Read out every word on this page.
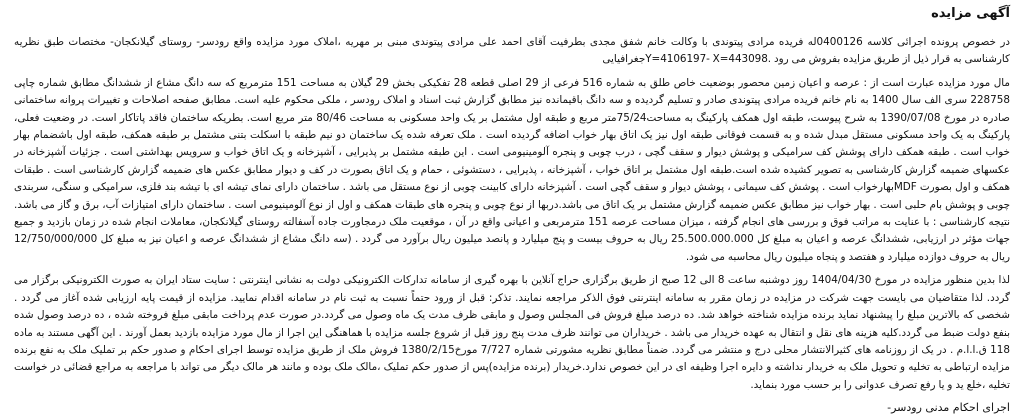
آگهی مزایده

در خصوص پرونده اجرائی کلاسه 0400126له فریده مرادی پیتوندی با وکالت خانم شفق مجدی بطرفیت آقای احمد علی مرادی پیتوندی مبنی بر مهریه ،املاک مورد مزایده واقع رودسر- روستای گیلانکجان- مختصات طبق نظریه کارشناسی به قرار ذیل از طریق مزایده بفروش می رود .Y=4106197- X=443098جغرافیایی

مال مورد مزایده عبارت است از : عرصه و اعیان زمین محصور بوضعیت خاص طلق به شماره 516 فرعی از 29 اصلی قطعه 28 تفکیکی بخش 29 گیلان به مساحت 151 مترمربع که سه دانگ مشاع از ششدانگ مطابق شماره چاپی 228758 سری الف سال 1400 به نام خانم فریده مرادی پیتوندی صادر و تسلیم گردیده و سه دانگ باقیمانده نیز مطابق گزارش ثبت اسناد و املاک رودسر ، ملکی محکوم علیه است. مطابق صفحه اصلاحات و تغییرات پروانه ساختمانی صادره در مورخ 1390/07/08 به شرح پیوست، طبقه اول همکف پارکینگ به مساحت75/24متر مربع و طبقه اول مشتمل بر یک واحد مسکونی به مساحت 80/46 متر مربع است. بطریکه ساختمان فاقد پاتاکار است. در وضعیت فعلی، پارکینگ به یک واحد مسکونی مستقل مبدل شده و به قسمت فوقانی طبقه اول نیز یک اتاق بهار خواب اضافه گردیده است . ملک تعرفه شده یک ساختمان دو نیم طبقه با اسکلت بتنی مشتمل بر طبقه همکف، طبقه اول باشضمام بهار خواب است . طبقه همکف دارای پوشش کف سرامیکی و پوشش دیوار و سقف گچی ، درب چوبی و پنجره آلومینیومی است . این طبقه مشتمل بر پذیرایی ، آشپزخانه و یک اتاق خواب و سرویس بهداشتی است . جزئیات آشپزخانه در عکسهای ضمیمه گزارش کارشناسی به تصویر کشیده شده است.طبقه اول مشتمل بر اتاق خواب ، آشپزخانه ، پذیرایی ، دستشوئی ، حمام و یک اتاق بصورت در کف و دیوار مطابق عکس های ضمیمه گزارش کارشناسی است . طبقات همکف و اول بصورت MDFبهارخواب است . پوشش کف سیمانی ، پوشش دیوار و سقف گچی است . آشپزخانه دارای کابینت چوبی از نوع مستقل می باشد . ساختمان دارای نمای تیشه ای با تیشه بند فلزی، سرامیکی و سنگی، سربندی چوبی و پوشش بام حلبی است . بهار خواب نیز مطابق عکس ضمیمه گزارش مشتمل بر یک اتاق می باشد.دربها از نوع چوبی و پنجره های طبقات همکف و اول از نوع آلومینیومی است . ساختمان دارای امتیازات آب، برق و گاز می باشد. نتیجه کارشناسی : با عنایت به مراتب فوق و بررسی های انجام گرفته ، میزان مساحت عرصه 151 مترمربعی و اعیانی واقع در آن ، موقعیت ملک درمجاورت جاده آسفالته روستای گیلانکجان، معاملات انجام شده در زمان بازدید و جمیع جهات مؤثر در ارزیابی، ششدانگ عرصه و اعیان به مبلغ کل 25.500.000.000 ریال به حروف بیست و پنج میلیارد و پانصد میلیون ریال برآورد می گردد . (سه دانگ مشاع از ششدانگ عرصه و اعیان نیز به مبلغ کل 12/750/000/000 ریال به حروف دوازده میلیارد و هفتصد و پنجاه میلیون ریال محاسبه می شود.

لذا بدین منظور مزایده در مورخ 1404/04/30 روز دوشنبه ساعت 8 الی 12 صبح از طریق برگزاری حراج آنلاین با بهره گیری از سامانه تدارکات الکترونیکی دولت به نشانی اینترنتی : سایت ستاد ایران به صورت الکترونیکی برگزار می گردد. لذا متقاضیان می بایست جهت شرکت در مزایده در زمان مقرر به سامانه اینترنتی فوق الذکر مراجعه نمایند. تذکر: قبل از ورود حتماً نسبت به ثبت نام در سامانه اقدام نمایید. مزایده از قیمت پایه ارزیابی شده آغاز می گردد . شخصی که بالاترین مبلغ را پیشنهاد نماید برنده مزایده شناخته خواهد شد. ده درصد مبلغ فروش فی المجلس وصول و مابقی ظرف مدت یک ماه وصول می گردد.در صورت عدم پرداخت مابقی مبلغ فروخته شده ، ده درصد وصول شده بنفع دولت ضبط می گردد.کلیه هزینه های نقل و انتقال به عهده خریدار می باشد . خریداران می توانند ظرف مدت پنج روز قبل از شروع جلسه مزایده با هماهنگی این اجرا از مال مورد مزایده بازدید بعمل آورند . این آگهی مستند به ماده 118 ق.ا.ا.م . در یک از روزنامه های کثیرالانتشار محلی درج و منتشر می گردد. ضمناً مطابق نظریه مشورتی شماره 7/727 مورخ1380/2/15 فروش ملک از طریق مزایده توسط اجرای احکام و صدور حکم بر تملیک ملک به نفع برنده مزایده ارتباطی به تخلیه و تحویل ملک به خریدار نداشته و دایره اجرا وظیفه ای در این خصوص ندارد.خریدار (برنده مزایده)پس از صدور حکم تملیک ،مالک ملک بوده و مانند هر مالک دیگر می تواند با مراجعه به مراجع قضائی در خواست تخلیه ،خلع ید و یا رفع تصرف عدوانی را بر حسب مورد بنماید.

اجرای احکام مدنی رودسر-
